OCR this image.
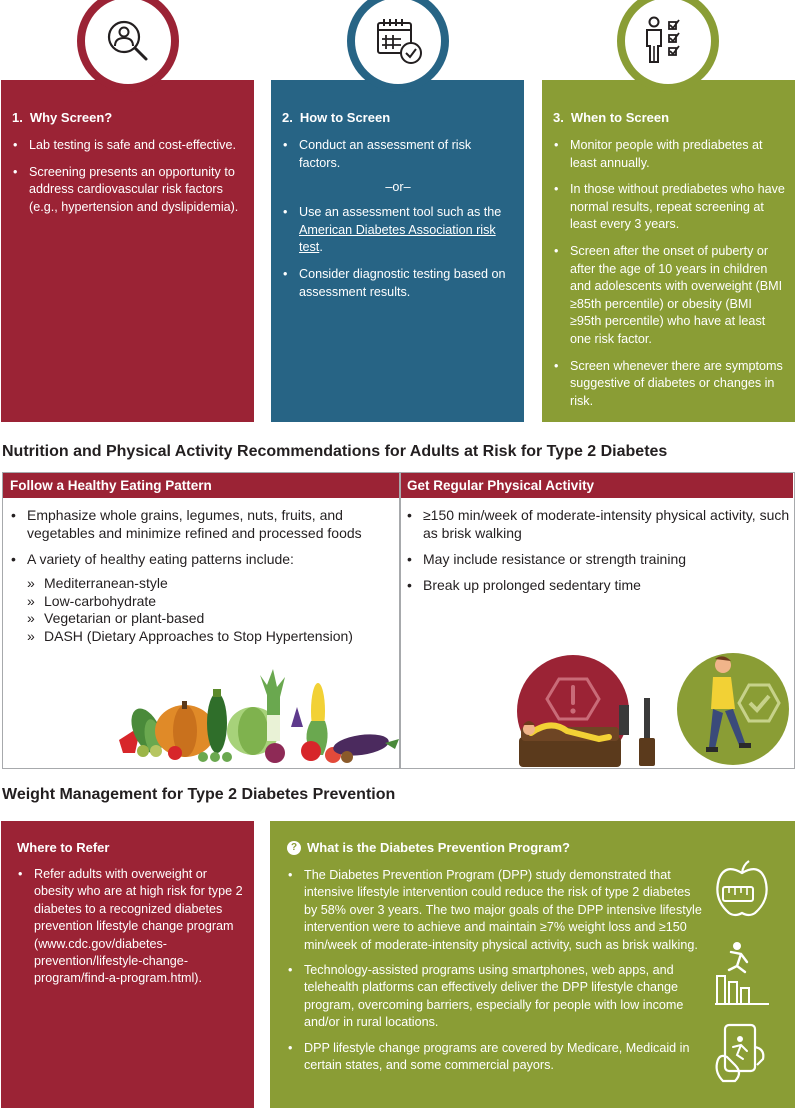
1. Why Screen?
• Lab testing is safe and cost-effective.
• Screening presents an opportunity to address cardiovascular risk factors (e.g., hypertension and dyslipidemia).
2. How to Screen
• Conduct an assessment of risk factors.
–or–
• Use an assessment tool such as the American Diabetes Association risk test.
• Consider diagnostic testing based on assessment results.
3. When to Screen
• Monitor people with prediabetes at least annually.
• In those without prediabetes who have normal results, repeat screening at least every 3 years.
• Screen after the onset of puberty or after the age of 10 years in children and adolescents with overweight (BMI ≥85th percentile) or obesity (BMI ≥95th percentile) who have at least one risk factor.
• Screen whenever there are symptoms suggestive of diabetes or changes in risk.
Nutrition and Physical Activity Recommendations for Adults at Risk for Type 2 Diabetes
Follow a Healthy Eating Pattern	Get Regular Physical Activity
• Emphasize whole grains, legumes, nuts, fruits, and vegetables and minimize refined and processed foods
• A variety of healthy eating patterns include:
» Mediterranean-style
» Low-carbohydrate
» Vegetarian or plant-based
» DASH (Dietary Approaches to Stop Hypertension)
• ≥150 min/week of moderate-intensity physical activity, such as brisk walking
• May include resistance or strength training
• Break up prolonged sedentary time
Weight Management for Type 2 Diabetes Prevention
Where to Refer
• Refer adults with overweight or obesity who are at high risk for type 2 diabetes to a recognized diabetes prevention lifestyle change program (www.cdc.gov/diabetes-prevention/lifestyle-change-program/find-a-program.html).
? What is the Diabetes Prevention Program?
• The Diabetes Prevention Program (DPP) study demonstrated that intensive lifestyle intervention could reduce the risk of type 2 diabetes by 58% over 3 years. The two major goals of the DPP intensive lifestyle intervention were to achieve and maintain ≥7% weight loss and ≥150 min/week of moderate-intensity physical activity, such as brisk walking.
• Technology-assisted programs using smartphones, web apps, and telehealth platforms can effectively deliver the DPP lifestyle change program, overcoming barriers, especially for people with low income and/or in rural locations.
• DPP lifestyle change programs are covered by Medicare, Medicaid in certain states, and some commercial payors.
